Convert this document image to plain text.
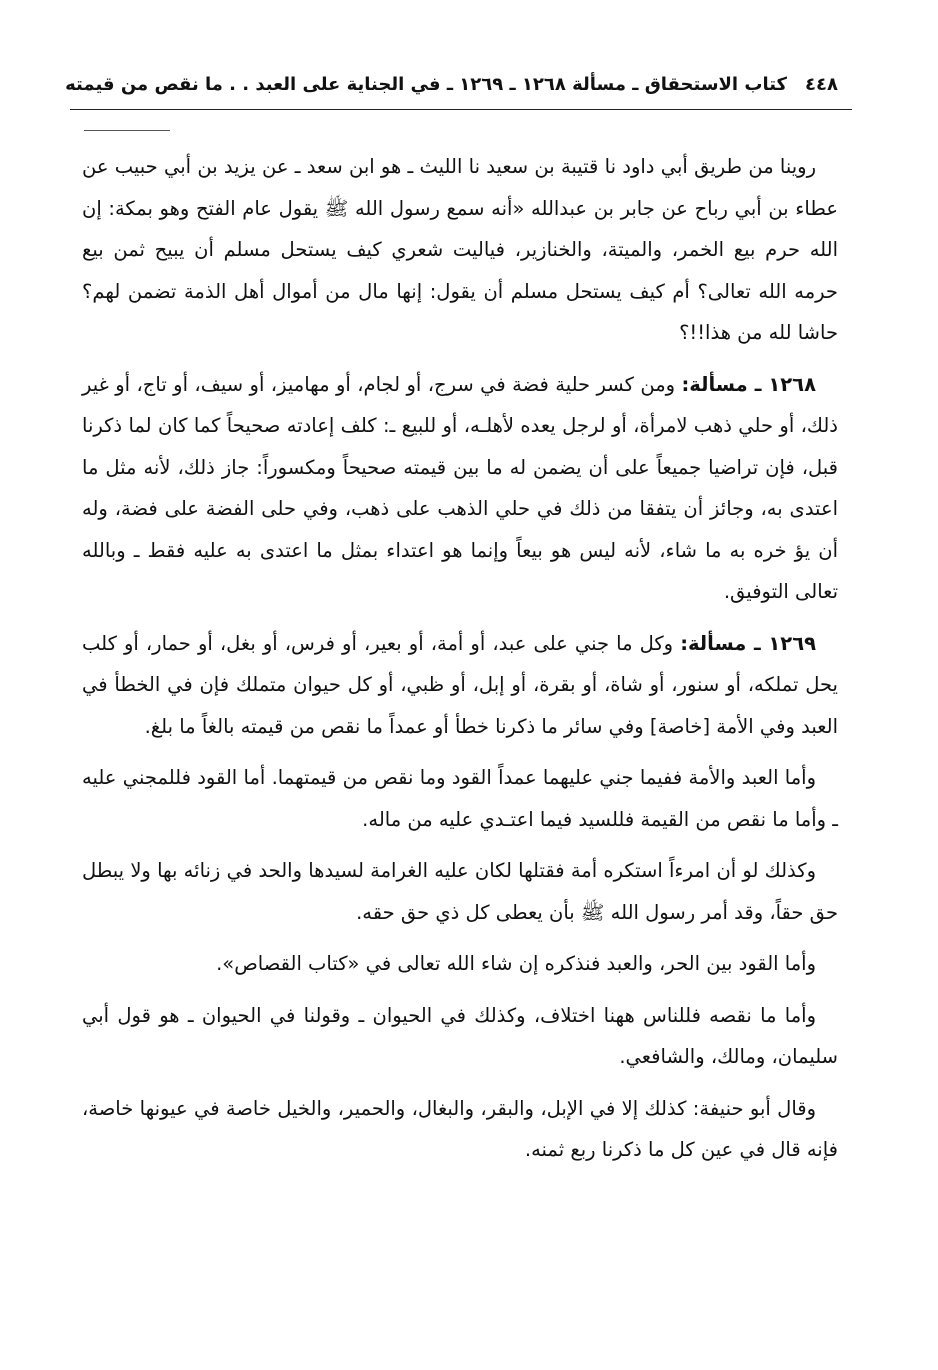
٤٤٨
كتاب الاستحقاق ـ مسألة ١٢٦٨ ـ ١٢٦٩ ـ في الجناية على العبد . . ما نقص من قيمته

روينا من طريق أبي داود نا قتيبة بن سعيد نا الليث ـ هو ابن سعد ـ عن يزيد بن أبي حبيب عن عطاء بن أبي رباح عن جابر بن عبدالله «أنه سمع رسول الله ﷺ يقول عام الفتح وهو بمكة: إن الله حرم بيع الخمر، والميتة، والخنازير، فياليت شعري كيف يستحل مسلم أن يبيح ثمن بيع حرمه الله تعالى؟ أم كيف يستحل مسلم أن يقول: إنها مال من أموال أهل الذمة تضمن لهم؟ حاشا لله من هذا!!؟

١٢٦٨ ـ مسألة: ومن كسر حلية فضة في سرج، أو لجام، أو مهاميز، أو سيف، أو تاج، أو غير ذلك، أو حلي ذهب لامرأة، أو لرجل يعده لأهلـه، أو للبيع ـ: كلف إعادته صحيحاً كما كان لما ذكرنا قبل، فإن تراضيا جميعاً على أن يضمن له ما بين قيمته صحيحاً ومكسوراً: جاز ذلك، لأنه مثل ما اعتدى به، وجائز أن يتفقا من ذلك في حلي الذهب على ذهب، وفي حلى الفضة على فضة، وله أن يؤ خره به ما شاء، لأنه ليس هو بيعاً وإنما هو اعتداء بمثل ما اعتدى به عليه فقط ـ وبالله تعالى التوفيق.

١٢٦٩ ـ مسألة: وكل ما جني على عبد، أو أمة، أو بعير، أو فرس، أو بغل، أو حمار، أو كلب يحل تملكه، أو سنور، أو شاة، أو بقرة، أو إبل، أو ظبي، أو كل حيوان متملك فإن في الخطأ في العبد وفي الأمة [خاصة] وفي سائر ما ذكرنا خطأ أو عمداً ما نقص من قيمته بالغاً ما بلغ.

وأما العبد والأمة ففيما جني عليهما عمداً القود وما نقص من قيمتهما. أما القود فللمجني عليه ـ وأما ما نقص من القيمة فللسيد فيما اعتـدي عليه من ماله.

وكذلك لو أن امرءاً استكره أمة فقتلها لكان عليه الغرامة لسيدها والحد في زنائه بها ولا يبطل حق حقاً، وقد أمر رسول الله ﷺ بأن يعطى كل ذي حق حقه.

وأما القود بين الحر، والعبد فنذكره إن شاء الله تعالى في «كتاب القصاص».

وأما ما نقصه فللناس ههنا اختلاف، وكذلك في الحيوان ـ وقولنا في الحيوان ـ هو قول أبي سليمان، ومالك، والشافعي.

وقال أبو حنيفة: كذلك إلا في الإبل، والبقر، والبغال، والحمير، والخيل خاصة في عيونها خاصة، فإنه قال في عين كل ما ذكرنا ربع ثمنه.
